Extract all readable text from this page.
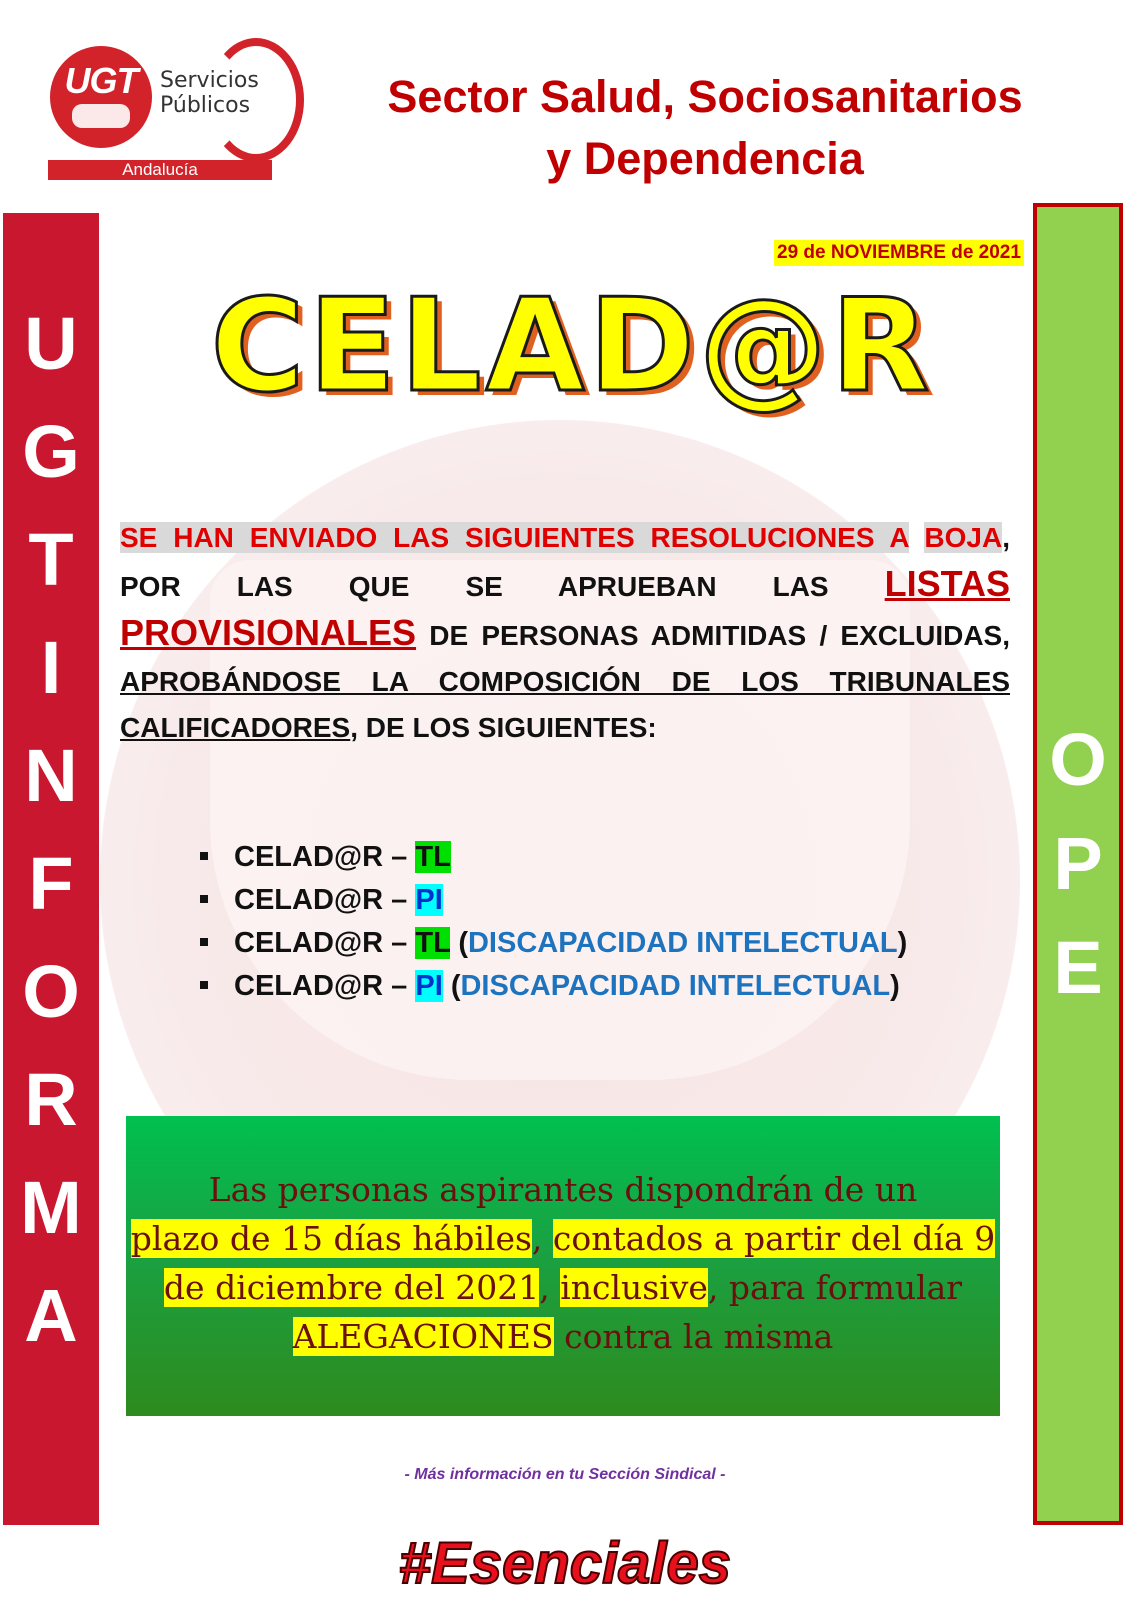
UGT	Servicios
Públicos
Andalucía
Sector Salud, Sociosanitarios
y Dependencia
U
G
T
I
N
F
O
R
M
A
O
P
E
29 de NOVIEMBRE de 2021
CELAD@R
SE HAN ENVIADO LAS SIGUIENTES RESOLUCIONES A BOJA, POR LAS QUE SE APRUEBAN LAS LISTAS PROVISIONALES DE PERSONAS ADMITIDAS / EXCLUIDAS, APROBÁNDOSE LA COMPOSICIÓN DE LOS TRIBUNALES CALIFICADORES, DE LOS SIGUIENTES:
CELAD@R – TL
CELAD@R – PI
CELAD@R – TL (DISCAPACIDAD INTELECTUAL)
CELAD@R – PI (DISCAPACIDAD INTELECTUAL)
Las personas aspirantes dispondrán de un
plazo de 15 días hábiles, contados a partir del día 9 de diciembre del 2021, inclusive, para formular ALEGACIONES contra la misma
- Más información en tu Sección Sindical -
#Esenciales
